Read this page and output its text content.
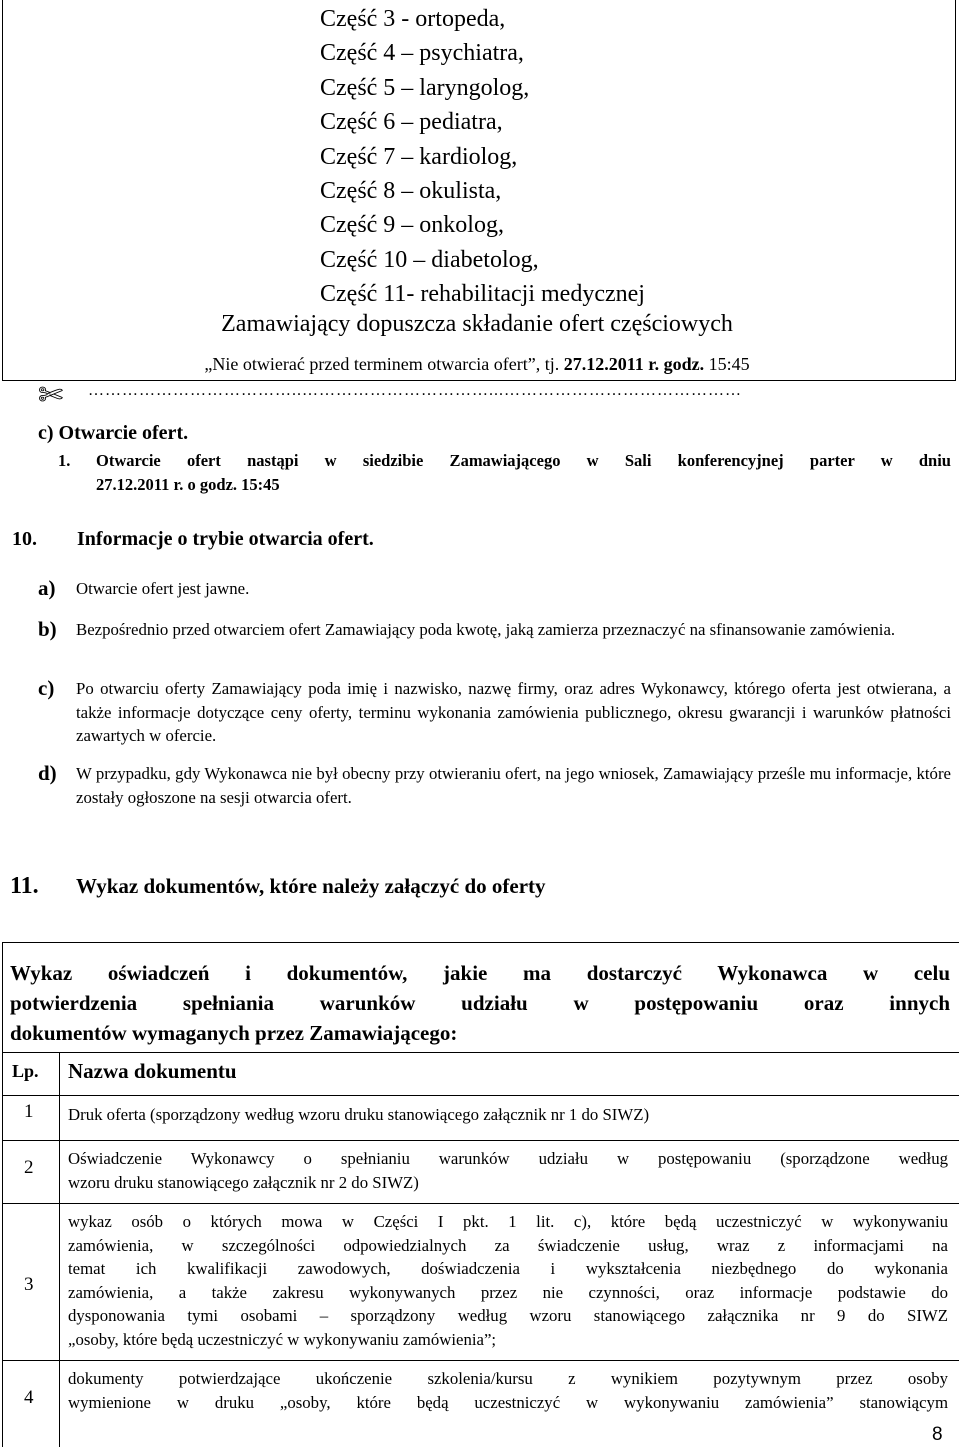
Część 3 - ortopeda,
Część 4 – psychiatra,
Część 5 – laryngolog,
Część 6 – pediatra,
Część 7 – kardiolog,
Część 8 – okulista,
Część 9 – onkolog,
Część 10 – diabetolog,
Część 11- rehabilitacji medycznej
Zamawiający dopuszcza składanie ofert częściowych
„Nie otwierać przed terminem otwarcia ofert”, tj. 27.12.2011 r. godz. 15:45
✄ ………………………………..……………………………...……………………………………
c) Otwarcie ofert.
1. Otwarcie ofert nastąpi w siedzibie Zamawiającego w Sali konferencyjnej parter w dniu
27.12.2011 r. o godz. 15:45
10. Informacje o trybie otwarcia ofert.
a) Otwarcie ofert jest jawne.
b) Bezpośrednio przed otwarciem ofert Zamawiający poda kwotę, jaką zamierza przeznaczyć na sfinansowanie zamówienia.
c) Po otwarciu oferty Zamawiający poda imię i nazwisko, nazwę firmy, oraz adres Wykonawcy, którego oferta jest otwierana, a także informacje dotyczące ceny oferty, terminu wykonania zamówienia publicznego, okresu gwarancji i warunków płatności zawartych w ofercie.
d) W przypadku, gdy Wykonawca nie był obecny przy otwieraniu ofert, na jego wniosek, Zamawiający prześle mu informacje, które zostały ogłoszone na sesji otwarcia ofert.
11. Wykaz dokumentów, które należy załączyć do oferty
Wykaz oświadczeń i dokumentów, jakie ma dostarczyć Wykonawca w celu
potwierdzenia spełniania warunków udziału w postępowaniu oraz innych
dokumentów wymaganych przez Zamawiającego:
Lp. Nazwa dokumentu
1 Druk oferta (sporządzony według wzoru druku stanowiącego załącznik nr 1 do SIWZ)
2 Oświadczenie Wykonawcy o spełnianiu warunków udziału w postępowaniu (sporządzone według
wzoru druku stanowiącego załącznik nr 2 do SIWZ)
3
wykaz osób o których mowa w Części I pkt. 1 lit. c), które będą uczestniczyć w wykonywaniu
zamówienia, w szczególności odpowiedzialnych za świadczenie usług, wraz z informacjami na
temat ich kwalifikacji zawodowych, doświadczenia i wykształcenia niezbędnego do wykonania
zamówienia, a także zakresu wykonywanych przez nie czynności, oraz informacje podstawie do
dysponowania tymi osobami – sporządzony według wzoru stanowiącego załącznika nr 9 do SIWZ
„osoby, które będą uczestniczyć w wykonywaniu zamówienia”;
4
dokumenty potwierdzające ukończenie szkolenia/kursu z wynikiem pozytywnym przez osoby
wymienione w druku „osoby, które będą uczestniczyć w wykonywaniu zamówienia” stanowiącym
8
